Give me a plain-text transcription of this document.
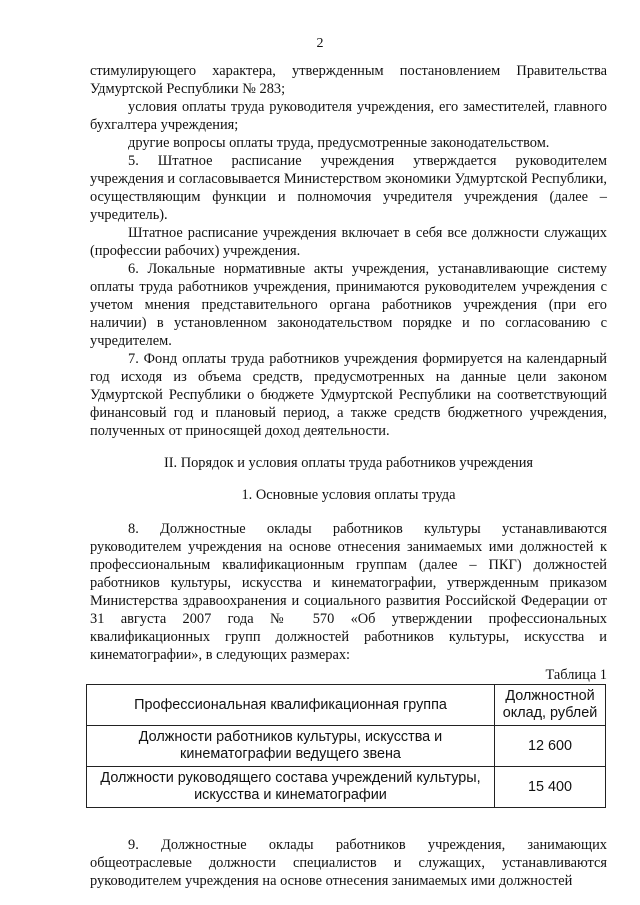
2

стимулирующего характера, утвержденным постановлением Правительства Удмуртской Республики № 283;

условия оплаты труда руководителя учреждения, его заместителей, главного бухгалтера учреждения;

другие вопросы оплаты труда, предусмотренные законодательством.

5. Штатное расписание учреждения утверждается руководителем учреждения и согласовывается Министерством экономики Удмуртской Республики, осуществляющим функции и полномочия учредителя учреждения (далее – учредитель).

Штатное расписание учреждения включает в себя все должности служащих (профессии рабочих) учреждения.

6. Локальные нормативные акты учреждения, устанавливающие систему оплаты труда работников учреждения, принимаются руководителем учреждения с учетом мнения представительного органа работников учреждения (при его наличии) в установленном законодательством порядке и по согласованию с учредителем.

7. Фонд оплаты труда работников учреждения формируется на календарный год исходя из объема средств, предусмотренных на данные цели законом Удмуртской Республики о бюджете Удмуртской Республики на соответствующий финансовый год и плановый период, а также средств бюджетного учреждения, полученных от приносящей доход деятельности.

II. Порядок и условия оплаты труда работников учреждения

1. Основные условия оплаты труда

8. Должностные оклады работников культуры устанавливаются руководителем учреждения на основе отнесения занимаемых ими должностей к профессиональным квалификационным группам (далее – ПКГ) должностей работников культуры, искусства и кинематографии, утвержденным приказом Министерства здравоохранения и социального развития Российской Федерации от 31 августа 2007 года № 570 «Об утверждении профессиональных квалификационных групп должностей работников культуры, искусства и кинематографии», в следующих размерах:

Таблица 1

Профессиональная квалификационная группа	Должностной оклад, рублей
Должности работников культуры, искусства и кинематографии ведущего звена	12 600
Должности руководящего состава учреждений культуры, искусства и кинематографии	15 400

9. Должностные оклады работников учреждения, занимающих общеотраслевые должности специалистов и служащих, устанавливаются руководителем учреждения на основе отнесения занимаемых ими должностей
